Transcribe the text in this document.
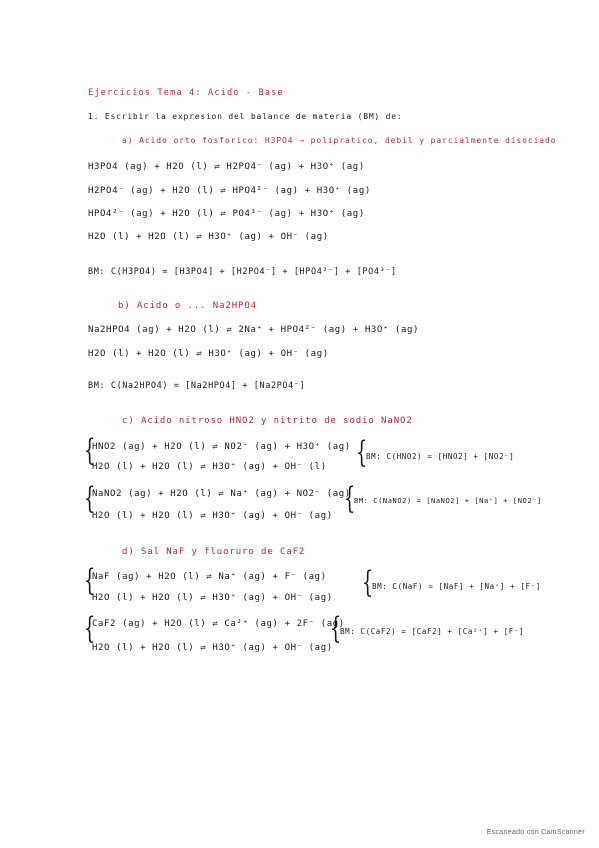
Ejercicios Tema 4: Acido - Base
1. Escribir la expresion del balance de materia (BM) de:
a) Acido orto fosforico: H3PO4 → polipratico, debil y parcialmente disociado
H3PO4 (ag) + H2O (l) ⇌ H2PO4⁻ (ag) + H3O⁺ (ag)
H2PO4⁻ (ag) + H2O (l) ⇌ HPO4²⁻ (ag) + H3O⁺ (ag)
HPO4²⁻ (ag) + H2O (l) ⇌ PO4³⁻ (ag) + H3O⁺ (ag)
H2O (l) + H2O (l) ⇌ H3O⁺ (ag) + OH⁻ (ag)
BM: C(H3PO4) = [H3PO4] + [H2PO4⁻] + [HPO4²⁻] + [PO4³⁻]
b) Acido o ... Na2HPO4
Na2HPO4 (ag) + H2O (l) ⇌ 2Na⁺ + HPO4²⁻ (ag) + H3O⁺ (ag)
H2O (l) + H2O (l) ⇌ H3O⁺ (ag) + OH⁻ (ag)
BM: C(Na2HPO4) = [Na2HPO4] + [Na2PO4⁻]
c) Acido nitroso HNO2 y nitrito de sodio NaNO2
{
HNO2 (ag) + H2O (l) ⇌ NO2⁻ (ag) + H3O⁺ (ag)
H2O (l) + H2O (l) ⇌ H3O⁺ (ag) + OH⁻ (l) {
BM: C(HNO2) = [HNO2] + [NO2⁻]
{
NaNO2 (ag) + H2O (l) ⇌ Na⁺ (ag) + NO2⁻ (ag)
H2O (l) + H2O (l) ⇌ H3O⁺ (ag) + OH⁻ (ag) {
BM: C(NaNO2) = [NaNO2] + [Na⁺] + [NO2⁻]
d) Sal NaF y fluoruro de CaF2
{
NaF (ag) + H2O (l) ⇌ Na⁺ (ag) + F⁻ (ag)
H2O (l) + H2O (l) ⇌ H3O⁺ (ag) + OH⁻ (ag) {
BM: C(NaF) = [NaF] + [Na⁺] + [F⁻]
{
CaF2 (ag) + H2O (l) ⇌ Ca²⁺ (ag) + 2F⁻ (ag)
H2O (l) + H2O (l) ⇌ H3O⁺ (ag) + OH⁻ (ag)
{
BM: C(CaF2) = [CaF2] + [Ca²⁺] + [F⁻]
Escaneado con CamScanner
